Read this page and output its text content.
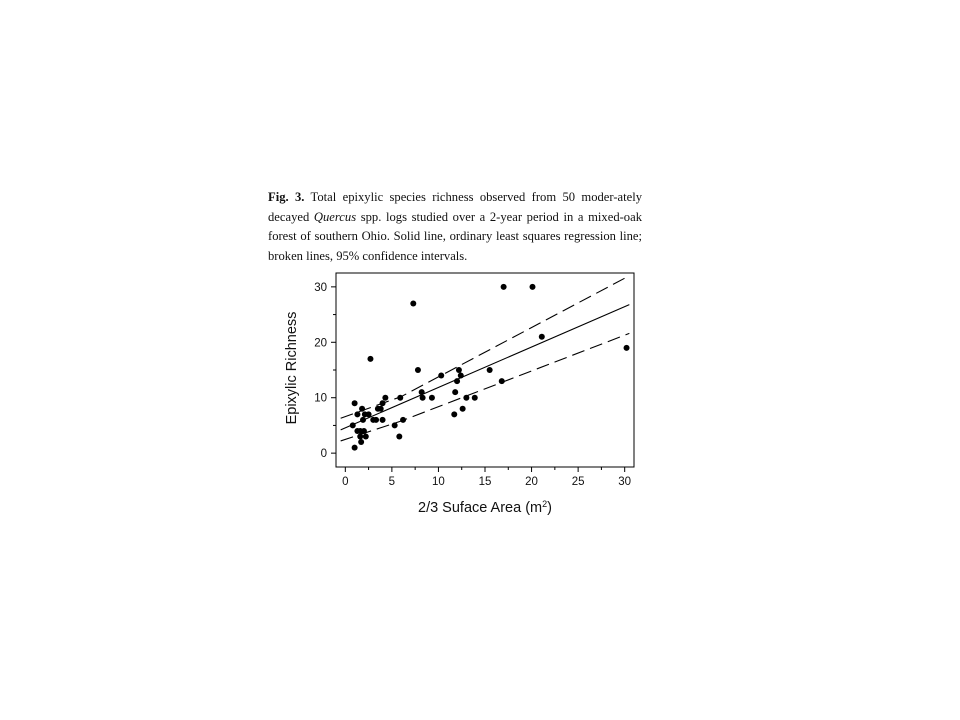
Fig. 3. Total epixylic species richness observed from 50 moder-ately decayed Quercus spp. logs studied over a 2-year period in a mixed-oak forest of southern Ohio. Solid line, ordinary least squares regression line; broken lines, 95% confidence intervals.
0	5	10	15	20	25	30
0
10
20
30
2/3 Suface Area $(m^2)$
Epixylic Richness
